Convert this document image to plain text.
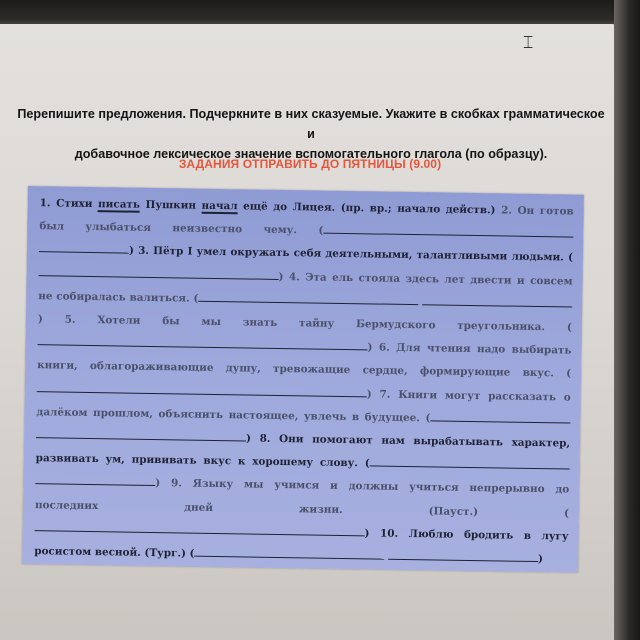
⌶
Перепишите предложения. Подчеркните в них сказуемые. Укажите в скобках грамматическое и
добавочное лексическое значение вспомогательного глагола (по образцу).
ЗАДАНИЯ ОТПРАВИТЬ ДО ПЯТНИЦЫ (9.00)
1. Стихи писать Пушкин начал ещё до Лицея. (пр. вр.; начало действ.) 2. Он готов был улыбаться неизвестно чему. ( ) 3. Пётр I умел окружать себя деятельными, талантливыми людьми. () 4. Эта ель стояла здесь лет двести и совсем не собиралась валиться. ( ) 5. Хотели бы мы знать тайну Бермудского треугольника. () 6. Для чтения надо выбирать книги, облагораживающие душу, тревожащие сердце, формирующие вкус. () 7. Книги могут рассказать о далёком прошлом, объяснить настоящее, увлечь в будущее. ( ) 8. Они помогают нам вырабатывать характер, развивать ум, прививать вкус к хорошему слову. ( ) 9. Языку мы учимся и должны учиться непрерывно до последних дней жизни. (Пауст.) () 10. Люблю бродить в лугу росистом весной. (Тург.) (	)
